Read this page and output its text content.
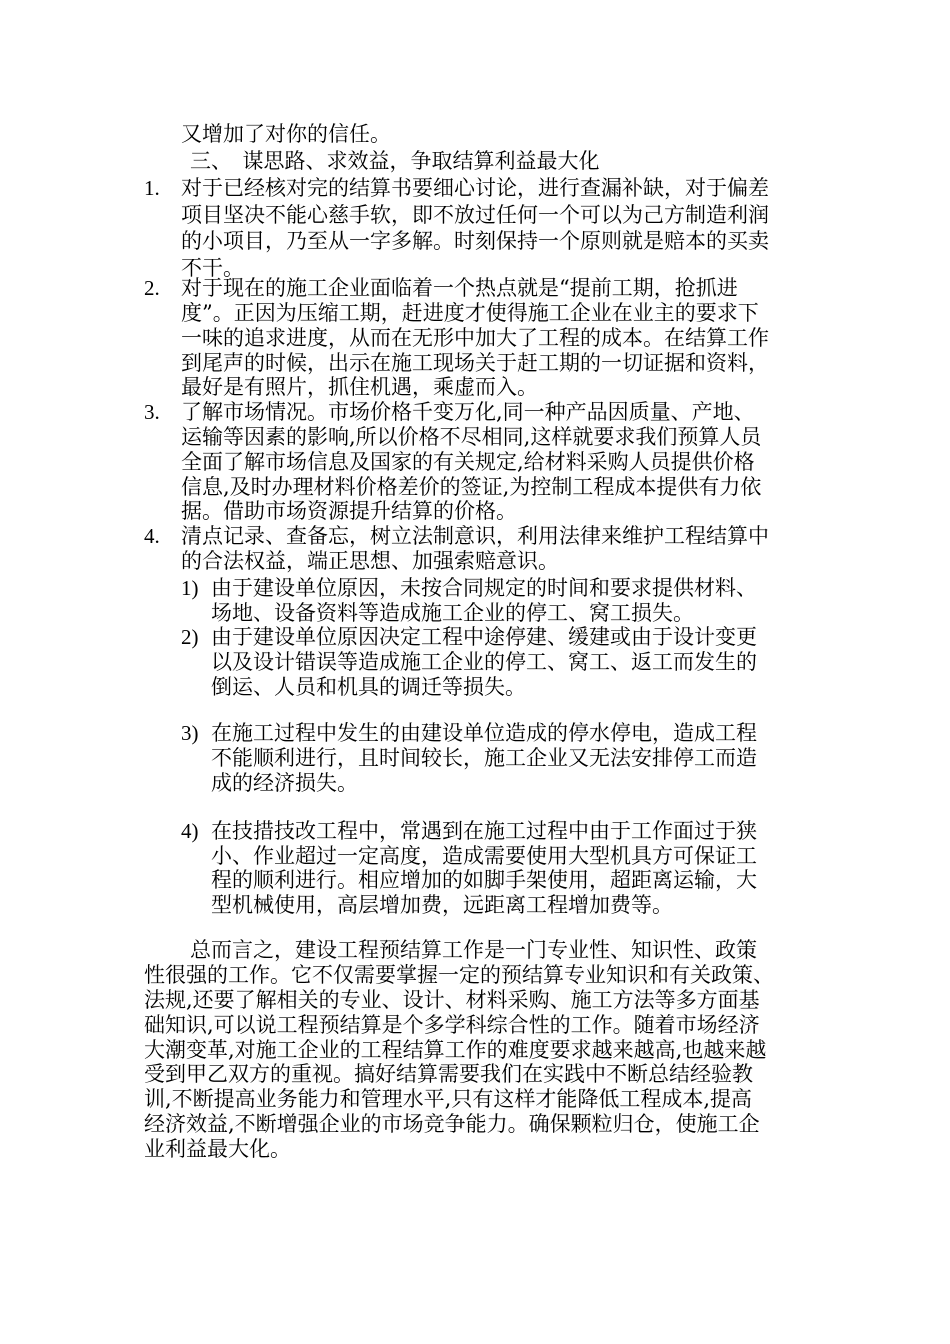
又增加了对你的信任。
三、　谋思路、求效益，争取结算利益最大化
1. 对于已经核对完的结算书要细心讨论，进行查漏补缺，对于偏差
项目坚决不能心慈手软，即不放过任何一个可以为己方制造利润
的小项目，乃至从一字多解。时刻保持一个原则就是赔本的买卖
不干。
2. 对于现在的施工企业面临着一个热点就是“提前工期，抢抓进
度”。正因为压缩工期，赶进度才使得施工企业在业主的要求下
一味的追求进度，从而在无形中加大了工程的成本。在结算工作
到尾声的时候，出示在施工现场关于赶工期的一切证据和资料，
最好是有照片，抓住机遇，乘虚而入。
3. 了解市场情况。市场价格千变万化,同一种产品因质量、产地、
运输等因素的影响,所以价格不尽相同,这样就要求我们预算人员
全面了解市场信息及国家的有关规定,给材料采购人员提供价格
信息,及时办理材料价格差价的签证,为控制工程成本提供有力依
据。借助市场资源提升结算的价格。
4. 清点记录、查备忘，树立法制意识，利用法律来维护工程结算中
的合法权益，端正思想、加强索赔意识。
1) 由于建设单位原因，未按合同规定的时间和要求提供材料、
场地、设备资料等造成施工企业的停工、窝工损失。
2) 由于建设单位原因决定工程中途停建、缓建或由于设计变更
以及设计错误等造成施工企业的停工、窝工、返工而发生的
倒运、人员和机具的调迁等损失。
3) 在施工过程中发生的由建设单位造成的停水停电，造成工程
不能顺利进行，且时间较长，施工企业又无法安排停工而造
成的经济损失。
4) 在技措技改工程中，常遇到在施工过程中由于工作面过于狭
小、作业超过一定高度，造成需要使用大型机具方可保证工
程的顺利进行。相应增加的如脚手架使用，超距离运输，大
型机械使用，高层增加费，远距离工程增加费等。
总而言之，建设工程预结算工作是一门专业性、知识性、政策
性很强的工作。它不仅需要掌握一定的预结算专业知识和有关政策、
法规,还要了解相关的专业、设计、材料采购、施工方法等多方面基
础知识,可以说工程预结算是个多学科综合性的工作。随着市场经济
大潮变革,对施工企业的工程结算工作的难度要求越来越高,也越来越
受到甲乙双方的重视。搞好结算需要我们在实践中不断总结经验教
训,不断提高业务能力和管理水平,只有这样才能降低工程成本,提高
经济效益,不断增强企业的市场竞争能力。确保颗粒归仓，使施工企
业利益最大化。
